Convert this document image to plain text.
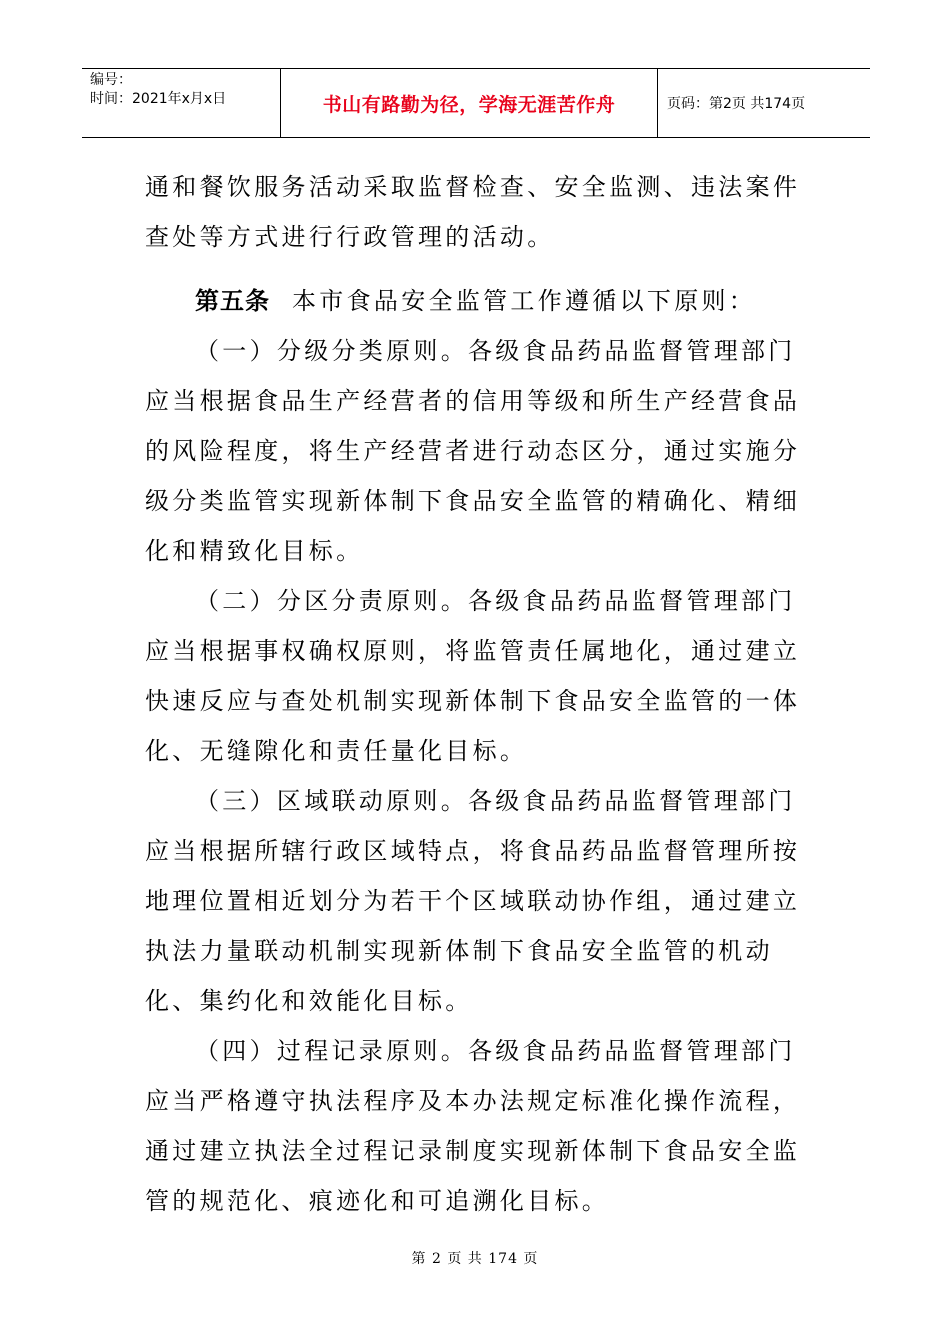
编号：
时间：2021年x月x日	书山有路勤为径，学海无涯苦作舟	页码：第2页 共174页

通和餐饮服务活动采取监督检查、安全监测、违法案件查处等方式进行行政管理的活动。

第五条 本市食品安全监管工作遵循以下原则：

（一）分级分类原则。各级食品药品监督管理部门应当根据食品生产经营者的信用等级和所生产经营食品的风险程度，将生产经营者进行动态区分，通过实施分级分类监管实现新体制下食品安全监管的精确化、精细化和精致化目标。

（二）分区分责原则。各级食品药品监督管理部门应当根据事权确权原则，将监管责任属地化，通过建立快速反应与查处机制实现新体制下食品安全监管的一体化、无缝隙化和责任量化目标。

（三）区域联动原则。各级食品药品监督管理部门应当根据所辖行政区域特点，将食品药品监督管理所按地理位置相近划分为若干个区域联动协作组，通过建立执法力量联动机制实现新体制下食品安全监管的机动化、集约化和效能化目标。

（四）过程记录原则。各级食品药品监督管理部门应当严格遵守执法程序及本办法规定标准化操作流程，通过建立执法全过程记录制度实现新体制下食品安全监管的规范化、痕迹化和可追溯化目标。

第 2 页 共 174 页
